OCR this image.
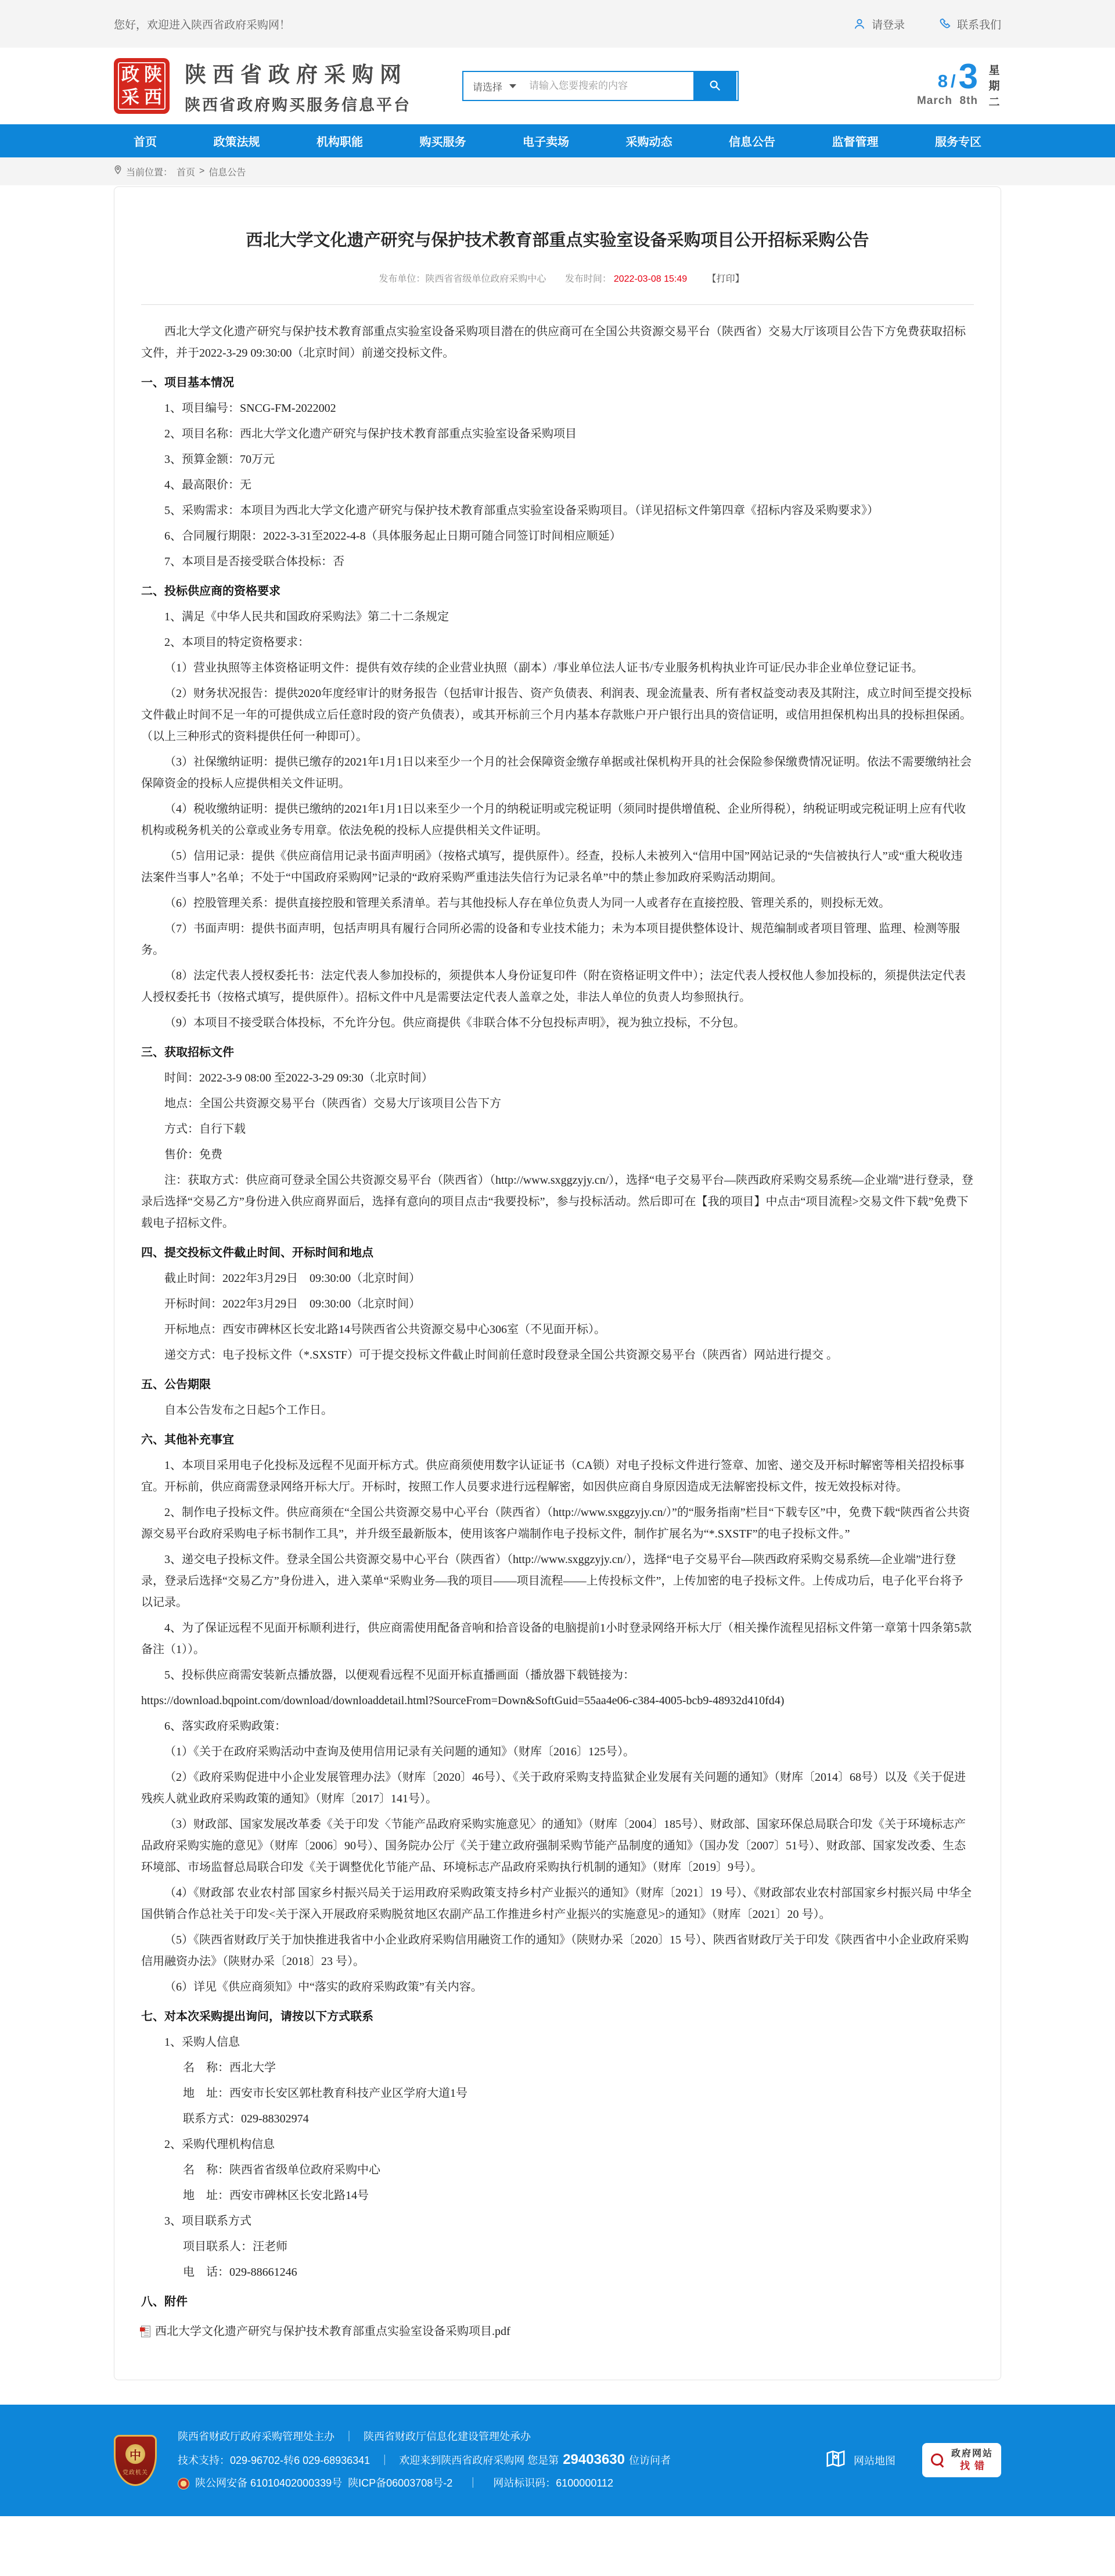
您好，欢迎进入陕西省政府采购网！	请登录	联系我们
政 陕
采 西
陕西省政府采购网
陕西省政府购买服务信息平台
请选择
请输入您要搜索的内容	8 / 3
March 8th
星期二
首页	政策法规	机构职能	购买服务	电子卖场	采购动态	信息公告	监督管理	服务专区
当前位置： 首页 > 信息公告
西北大学文化遗产研究与保护技术教育部重点实验室设备采购项目公开招标采购公告
发布单位：陕西省省级单位政府采购中心 发布时间： 2022-03-08 15:49 【打印】

西北大学文化遗产研究与保护技术教育部重点实验室设备采购项目潜在的供应商可在全国公共资源交易平台（陕西省）交易大厅该项目公告下方免费获取招标文件，并于2022-3-29 09:30:00（北京时间）前递交投标文件。

一、项目基本情况

1、项目编号：SNCG-FM-2022002

2、项目名称：西北大学文化遗产研究与保护技术教育部重点实验室设备采购项目

3、预算金额：70万元

4、最高限价：无

5、采购需求：本项目为西北大学文化遗产研究与保护技术教育部重点实验室设备采购项目。（详见招标文件第四章《招标内容及采购要求》）

6、合同履行期限：2022-3-31至2022-4-8（具体服务起止日期可随合同签订时间相应顺延）

7、本项目是否接受联合体投标：否

二、投标供应商的资格要求

1、满足《中华人民共和国政府采购法》第二十二条规定

2、本项目的特定资格要求：

（1）营业执照等主体资格证明文件：提供有效存续的企业营业执照（副本）/事业单位法人证书/专业服务机构执业许可证/民办非企业单位登记证书。

（2）财务状况报告：提供2020年度经审计的财务报告（包括审计报告、资产负债表、利润表、现金流量表、所有者权益变动表及其附注，成立时间至提交投标文件截止时间不足一年的可提供成立后任意时段的资产负债表），或其开标前三个月内基本存款账户开户银行出具的资信证明，或信用担保机构出具的投标担保函。（以上三种形式的资料提供任何一种即可）。

（3）社保缴纳证明：提供已缴存的2021年1月1日以来至少一个月的社会保障资金缴存单据或社保机构开具的社会保险参保缴费情况证明。依法不需要缴纳社会保障资金的投标人应提供相关文件证明。

（4）税收缴纳证明：提供已缴纳的2021年1月1日以来至少一个月的纳税证明或完税证明（须同时提供增值税、企业所得税），纳税证明或完税证明上应有代收机构或税务机关的公章或业务专用章。依法免税的投标人应提供相关文件证明。

（5）信用记录：提供《供应商信用记录书面声明函》（按格式填写，提供原件）。经查，投标人未被列入“信用中国”网站记录的“失信被执行人”或“重大税收违法案件当事人”名单；不处于“中国政府采购网”记录的“政府采购严重违法失信行为记录名单”中的禁止参加政府采购活动期间。

（6）控股管理关系：提供直接控股和管理关系清单。若与其他投标人存在单位负责人为同一人或者存在直接控股、管理关系的，则投标无效。

（7）书面声明：提供书面声明，包括声明具有履行合同所必需的设备和专业技术能力；未为本项目提供整体设计、规范编制或者项目管理、监理、检测等服务。

（8）法定代表人授权委托书：法定代表人参加投标的，须提供本人身份证复印件（附在资格证明文件中）；法定代表人授权他人参加投标的，须提供法定代表人授权委托书（按格式填写，提供原件）。招标文件中凡是需要法定代表人盖章之处，非法人单位的负责人均参照执行。

（9）本项目不接受联合体投标，不允许分包。供应商提供《非联合体不分包投标声明》，视为独立投标，不分包。

三、获取招标文件

时间：2022-3-9 08:00 至2022-3-29 09:30（北京时间）

地点：全国公共资源交易平台（陕西省）交易大厅该项目公告下方

方式：自行下载

售价：免费

注：获取方式：供应商可登录全国公共资源交易平台（陕西省）（http://www.sxggzyjy.cn/），选择“电子交易平台—陕西政府采购交易系统—企业端”进行登录，登录后选择“交易乙方”身份进入供应商界面后，选择有意向的项目点击“我要投标”，参与投标活动。然后即可在【我的项目】中点击“项目流程>交易文件下载”免费下载电子招标文件。

四、提交投标文件截止时间、开标时间和地点

截止时间：2022年3月29日　09:30:00（北京时间）

开标时间：2022年3月29日　09:30:00（北京时间）

开标地点：西安市碑林区长安北路14号陕西省公共资源交易中心306室（不见面开标）。

递交方式：电子投标文件（*.SXSTF）可于提交投标文件截止时间前任意时段登录全国公共资源交易平台（陕西省）网站进行提交 。

五、公告期限

自本公告发布之日起5个工作日。

六、其他补充事宜

1、本项目采用电子化投标及远程不见面开标方式。供应商须使用数字认证证书（CA锁）对电子投标文件进行签章、加密、递交及开标时解密等相关招投标事宜。开标前，供应商需登录网络开标大厅。开标时，按照工作人员要求进行远程解密，如因供应商自身原因造成无法解密投标文件，按无效投标对待。

2、制作电子投标文件。供应商须在“全国公共资源交易中心平台（陕西省）（http://www.sxggzyjy.cn/）”的“服务指南”栏目“下载专区”中，免费下载“陕西省公共资源交易平台政府采购电子标书制作工具”，并升级至最新版本，使用该客户端制作电子投标文件，制作扩展名为“*.SXSTF”的电子投标文件。”

3、递交电子投标文件。登录全国公共资源交易中心平台（陕西省）（http://www.sxggzyjy.cn/），选择“电子交易平台—陕西政府采购交易系统—企业端”进行登录，登录后选择“交易乙方”身份进入，进入菜单“采购业务—我的项目——项目流程——上传投标文件”，上传加密的电子投标文件。上传成功后，电子化平台将予以记录。

4、为了保证远程不见面开标顺利进行，供应商需使用配备音响和拾音设备的电脑提前1小时登录网络开标大厅（相关操作流程见招标文件第一章第十四条第5款备注（1））。

5、投标供应商需安装新点播放器，以便观看远程不见面开标直播画面（播放器下载链接为：

https://download.bqpoint.com/download/downloaddetail.html?SourceFrom=Down&SoftGuid=55aa4e06-c384-4005-bcb9-48932d410fd4)

6、落实政府采购政策：

（1）《关于在政府采购活动中查询及使用信用记录有关问题的通知》（财库〔2016〕125号）。

（2）《政府采购促进中小企业发展管理办法》（财库〔2020〕46号）、《关于政府采购支持监狱企业发展有关问题的通知》（财库〔2014〕68号）以及《关于促进残疾人就业政府采购政策的通知》（财库〔2017〕141号）。

（3）财政部、国家发展改革委《关于印发〈节能产品政府采购实施意见〉的通知》（财库〔2004〕185号）、财政部、国家环保总局联合印发《关于环境标志产品政府采购实施的意见》（财库〔2006〕90号）、国务院办公厅《关于建立政府强制采购节能产品制度的通知》（国办发〔2007〕51号）、财政部、国家发改委、生态环境部、市场监督总局联合印发《关于调整优化节能产品、环境标志产品政府采购执行机制的通知》（财库〔2019〕9号）。

（4）《财政部 农业农村部 国家乡村振兴局关于运用政府采购政策支持乡村产业振兴的通知》（财库〔2021〕19 号）、《财政部农业农村部国家乡村振兴局 中华全国供销合作总社关于印发<关于深入开展政府采购脱贫地区农副产品工作推进乡村产业振兴的实施意见>的通知》（财库〔2021〕20 号）。

（5）《陕西省财政厅关于加快推进我省中小企业政府采购信用融资工作的通知》（陕财办采〔2020〕15 号）、陕西省财政厅关于印发《陕西省中小企业政府采购信用融资办法》（陕财办采〔2018〕23 号）。

（6）详见《供应商须知》中“落实的政府采购政策”有关内容。

七、对本次采购提出询问，请按以下方式联系

1、采购人信息

名　称：西北大学

地　址：西安市长安区郭杜教育科技产业区学府大道1号

联系方式：029-88302974

2、采购代理机构信息

名　称：陕西省省级单位政府采购中心

地　址：西安市碑林区长安北路14号

3、项目联系方式

项目联系人：汪老师

电　话：029-88661246

八、附件

西北大学文化遗产研究与保护技术教育部重点实验室设备采购项目.pdf
中
党政机关
陕西省财政厅政府采购管理处主办 ｜ 陕西省财政厅信息化建设管理处承办
技术支持：029-96702-转6 029-68936341 ｜ 欢迎来到陕西省政府采购网 您是第 29403630 位访问者
陕公网安备 61010402000339号 陕ICP备06003708号-2 ｜ 网站标识码：6100000112
网站地图
政府网站
找错
